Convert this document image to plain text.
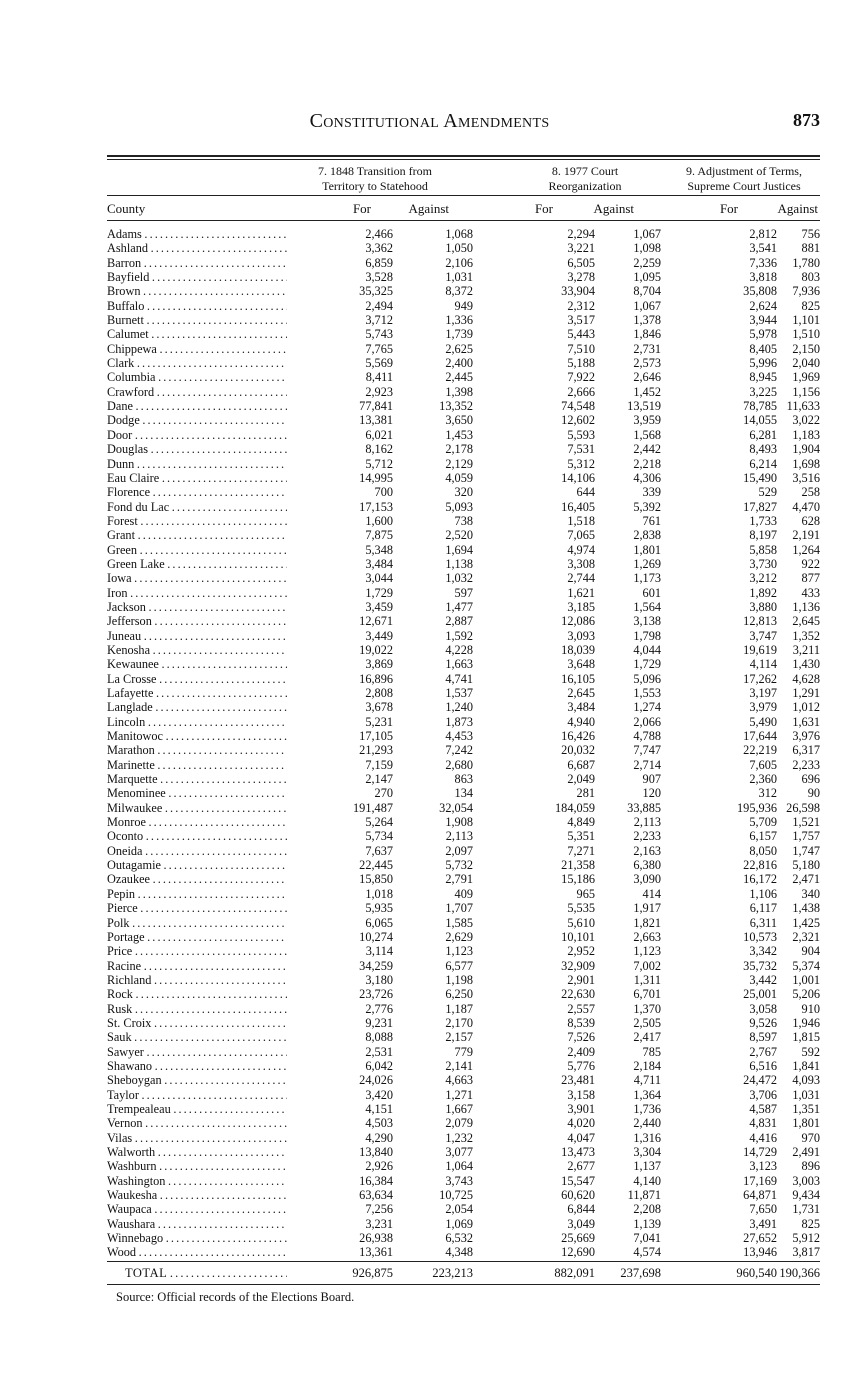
Constitutional Amendments	873
7. 1848 Transition from
Territory to Statehood
8. 1977 Court
Reorganization
9. Adjustment of Terms,
Supreme Court Justices
County	For	Against	For	Against	For	Against
Adams . . .	2,466	1,068	2,294	1,067	2,812	756
Ashland . . .	3,362	1,050	3,221	1,098	3,541	881
Barron . . .	6,859	2,106	6,505	2,259	7,336	1,780
Bayfield . . .	3,528	1,031	3,278	1,095	3,818	803
Brown . . .	35,325	8,372	33,904	8,704	35,808	7,936
Buffalo . . .	2,494	949	2,312	1,067	2,624	825
Burnett . . .	3,712	1,336	3,517	1,378	3,944	1,101
Calumet . . .	5,743	1,739	5,443	1,846	5,978	1,510
Chippewa . . .	7,765	2,625	7,510	2,731	8,405	2,150
Clark . . .	5,569	2,400	5,188	2,573	5,996	2,040
Columbia . . .	8,411	2,445	7,922	2,646	8,945	1,969
Crawford . . .	2,923	1,398	2,666	1,452	3,225	1,156
Dane . . .	77,841	13,352	74,548	13,519	78,785 11,633
Dodge . . .	13,381	3,650	12,602	3,959	14,055	3,022
Door . . .	6,021	1,453	5,593	1,568	6,281	1,183
Douglas . . .	8,162	2,178	7,531	2,442	8,493	1,904
Dunn . . .	5,712	2,129	5,312	2,218	6,214	1,698
Eau Claire . . .	14,995	4,059	14,106	4,306	15,490	3,516
Florence . . .	700	320	644	339	529	258
Fond du Lac . . .	17,153	5,093	16,405	5,392	17,827	4,470
Forest . . .	1,600	738	1,518	761	1,733	628
Grant . . .	7,875	2,520	7,065	2,838	8,197	2,191
Green . . .	5,348	1,694	4,974	1,801	5,858	1,264
Green Lake . . .	3,484	1,138	3,308	1,269	3,730	922
Iowa . . .	3,044	1,032	2,744	1,173	3,212	877
Iron . . .	1,729	597	1,621	601	1,892	433
Jackson . . .	3,459	1,477	3,185	1,564	3,880	1,136
Jefferson . . .	12,671	2,887	12,086	3,138	12,813	2,645
Juneau . . .	3,449	1,592	3,093	1,798	3,747	1,352
Kenosha . . .	19,022	4,228	18,039	4,044	19,619	3,211
Kewaunee . . .	3,869	1,663	3,648	1,729	4,114	1,430
La Crosse . . .	16,896	4,741	16,105	5,096	17,262	4,628
Lafayette . . .	2,808	1,537	2,645	1,553	3,197	1,291
Langlade . . .	3,678	1,240	3,484	1,274	3,979	1,012
Lincoln . . .	5,231	1,873	4,940	2,066	5,490	1,631
Manitowoc . . .	17,105	4,453	16,426	4,788	17,644	3,976
Marathon . . .	21,293	7,242	20,032	7,747	22,219	6,317
Marinette . . .	7,159	2,680	6,687	2,714	7,605	2,233
Marquette . . .	2,147	863	2,049	907	2,360	696
Menominee . . .	270	134	281	120	312	90
Milwaukee . . .	191,487	32,054	184,059	33,885	195,936 26,598
Monroe . . .	5,264	1,908	4,849	2,113	5,709	1,521
Oconto . . .	5,734	2,113	5,351	2,233	6,157	1,757
Oneida . . .	7,637	2,097	7,271	2,163	8,050	1,747
Outagamie . . .	22,445	5,732	21,358	6,380	22,816	5,180
Ozaukee . . .	15,850	2,791	15,186	3,090	16,172	2,471
Pepin . . .	1,018	409	965	414	1,106	340
Pierce . . .	5,935	1,707	5,535	1,917	6,117	1,438
Polk . . .	6,065	1,585	5,610	1,821	6,311	1,425
Portage . . .	10,274	2,629	10,101	2,663	10,573	2,321
Price . . .	3,114	1,123	2,952	1,123	3,342	904
Racine . . .	34,259	6,577	32,909	7,002	35,732	5,374
Richland . . .	3,180	1,198	2,901	1,311	3,442	1,001
Rock . . .	23,726	6,250	22,630	6,701	25,001	5,206
Rusk . . .	2,776	1,187	2,557	1,370	3,058	910
St. Croix . . .	9,231	2,170	8,539	2,505	9,526	1,946
Sauk . . .	8,088	2,157	7,526	2,417	8,597	1,815
Sawyer . . .	2,531	779	2,409	785	2,767	592
Shawano . . .	6,042	2,141	5,776	2,184	6,516	1,841
Sheboygan . . .	24,026	4,663	23,481	4,711	24,472	4,093
Taylor . . .	3,420	1,271	3,158	1,364	3,706	1,031
Trempealeau . . .	4,151	1,667	3,901	1,736	4,587	1,351
Vernon . . .	4,503	2,079	4,020	2,440	4,831	1,801
Vilas . . .	4,290	1,232	4,047	1,316	4,416	970
Walworth . . .	13,840	3,077	13,473	3,304	14,729	2,491
Washburn . . .	2,926	1,064	2,677	1,137	3,123	896
Washington . . .	16,384	3,743	15,547	4,140	17,169	3,003
Waukesha . . .	63,634	10,725	60,620	11,871	64,871	9,434
Waupaca . . .	7,256	2,054	6,844	2,208	7,650	1,731
Waushara . . .	3,231	1,069	3,049	1,139	3,491	825
Winnebago . . .	26,938	6,532	25,669	7,041	27,652	5,912
Wood . . .	13,361	4,348	12,690	4,574	13,946	3,817
TOTAL . . .	926,875	223,213	882,091	237,698	960,540 190,366
Source: Official records of the Elections Board.
